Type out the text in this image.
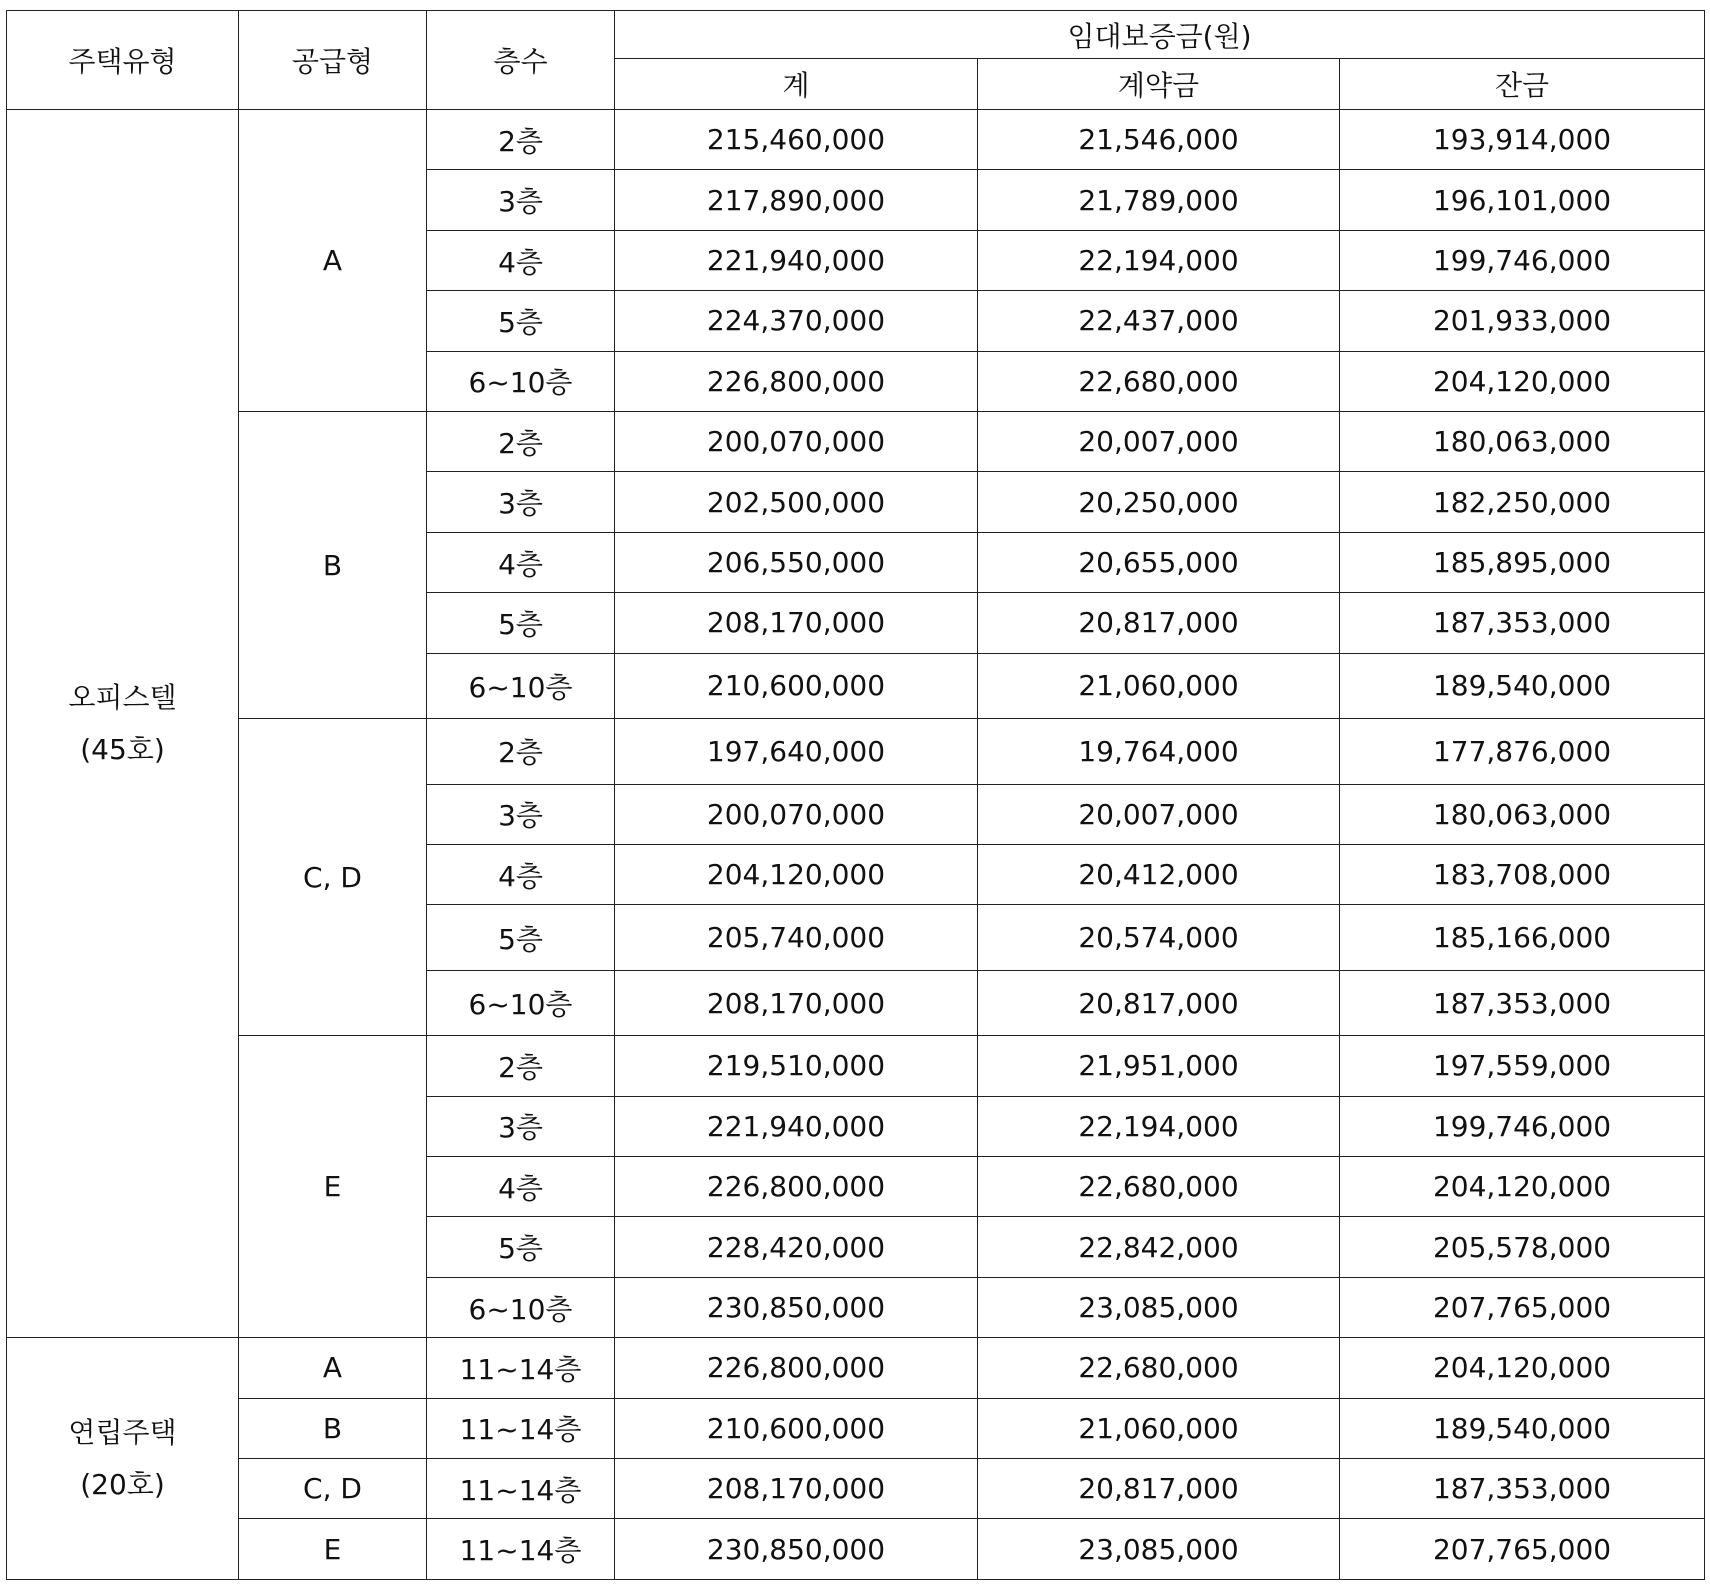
주택유형	공급형	층수	임대보증금(원)		
			계	계약금	잔금

오피스텔
(45호)	A	2층	215,460,000	21,546,000	193,914,000
		3층	217,890,000	21,789,000	196,101,000
		4층	221,940,000	22,194,000	199,746,000
		5층	224,370,000	22,437,000	201,933,000
		6~10층	226,800,000	22,680,000	204,120,000
	B	2층	200,070,000	20,007,000	180,063,000
		3층	202,500,000	20,250,000	182,250,000
		4층	206,550,000	20,655,000	185,895,000
		5층	208,170,000	20,817,000	187,353,000
		6~10층	210,600,000	21,060,000	189,540,000
	C, D	2층	197,640,000	19,764,000	177,876,000
		3층	200,070,000	20,007,000	180,063,000
		4층	204,120,000	20,412,000	183,708,000
		5층	205,740,000	20,574,000	185,166,000
		6~10층	208,170,000	20,817,000	187,353,000
	E	2층	219,510,000	21,951,000	197,559,000
		3층	221,940,000	22,194,000	199,746,000
		4층	226,800,000	22,680,000	204,120,000
		5층	228,420,000	22,842,000	205,578,000
		6~10층	230,850,000	23,085,000	207,765,000

연립주택
(20호)	A	11~14층	226,800,000	22,680,000	204,120,000
	B	11~14층	210,600,000	21,060,000	189,540,000
	C, D	11~14층	208,170,000	20,817,000	187,353,000
	E	11~14층	230,850,000	23,085,000	207,765,000
